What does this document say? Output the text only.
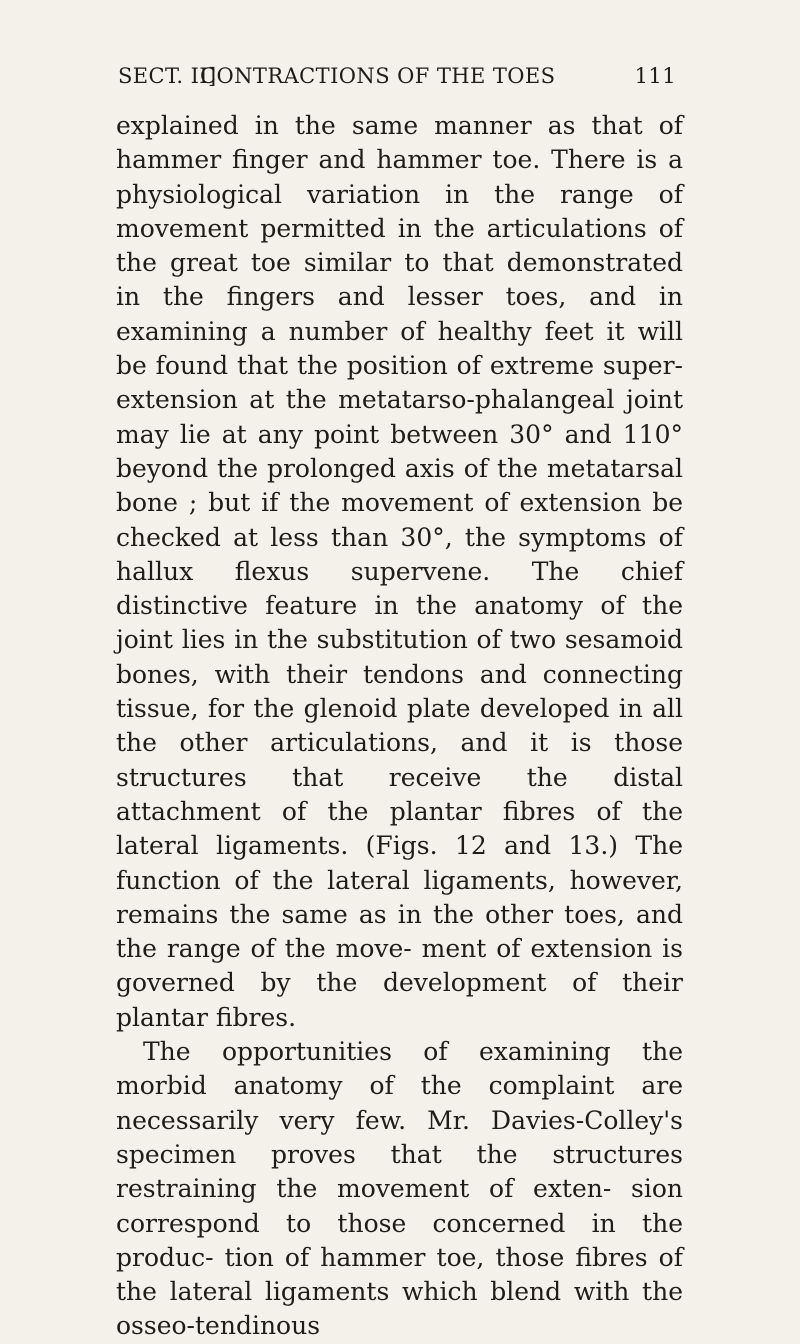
SECT. II]
CONTRACTIONS OF THE TOES	111

explained in the same manner as that of hammer finger and hammer toe. There is a physiological variation in the range of movement permitted in the articulations of the great toe similar to that demonstrated in the fingers and lesser toes, and in examining a number of healthy feet it will be found that the position of extreme super-extension at the metatarso-phalangeal joint may lie at any point between 30° and 110° beyond the prolonged axis of the metatarsal bone ; but if the movement of extension be checked at less than 30°, the symptoms of hallux flexus supervene. The chief distinctive feature in the anatomy of the joint lies in the substitution of two sesamoid bones, with their tendons and connecting tissue, for the glenoid plate developed in all the other articulations, and it is those structures that receive the distal attachment of the plantar fibres of the lateral ligaments. (Figs. 12 and 13.) The function of the lateral ligaments, however, remains the same as in the other toes, and the range of the move- ment of extension is governed by the development of their plantar fibres.

The opportunities of examining the morbid anatomy of the complaint are necessarily very few. Mr. Davies-Colley's specimen proves that the structures restraining the movement of exten- sion correspond to those concerned in the produc- tion of hammer toe, those fibres of the lateral ligaments which blend with the osseo-tendinous
